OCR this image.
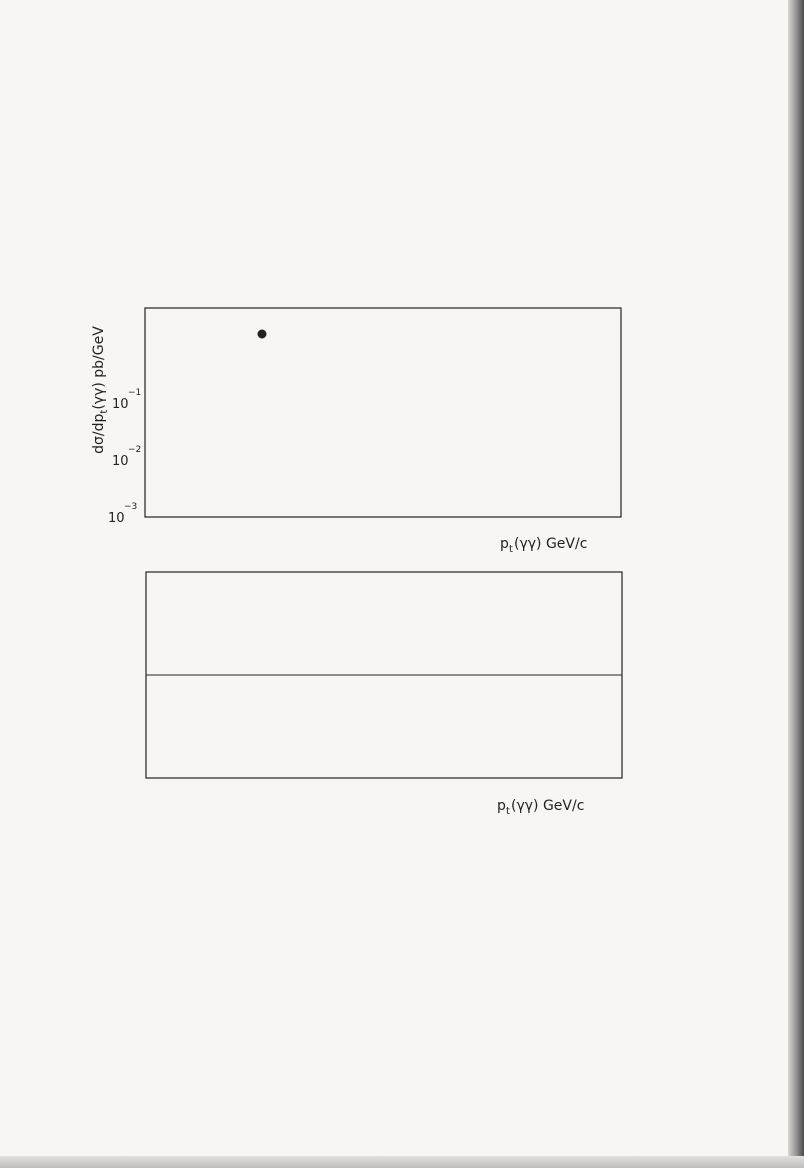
$d\sigma/dp_t(\gamma\gamma)$ pb/GeV 10
−1
10
−2
10
−3
p t (γγ) GeV/c
p t (γγ) GeV/c
